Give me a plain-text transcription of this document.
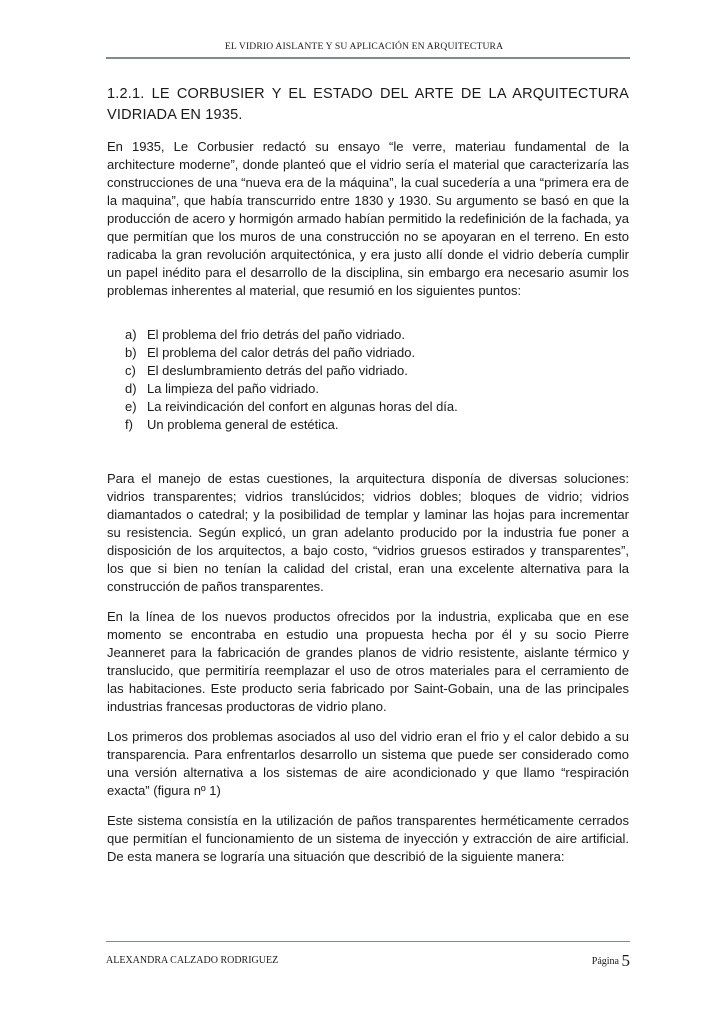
EL VIDRIO AISLANTE Y SU APLICACIÓN EN ARQUITECTURA
1.2.1. LE CORBUSIER Y EL ESTADO DEL ARTE DE LA ARQUITECTURA VIDRIADA EN 1935.

En 1935, Le Corbusier redactó su ensayo “le verre, materiau fundamental de la architecture moderne”, donde planteó que el vidrio sería el material que caracterizaría las construcciones de una “nueva era de la máquina”, la cual sucedería a una “primera era de la maquina”, que había transcurrido entre 1830 y 1930. Su argumento se basó en que la producción de acero y hormigón armado habían permitido la redefinición de la fachada, ya que permitían que los muros de una construcción no se apoyaran en el terreno. En esto radicaba la gran revolución arquitectónica, y era justo allí donde el vidrio debería cumplir un papel inédito para el desarrollo de la disciplina, sin embargo era necesario asumir los problemas inherentes al material, que resumió en los siguientes puntos:

a) El problema del frio detrás del paño vidriado.
b) El problema del calor detrás del paño vidriado.
c) El deslumbramiento detrás del paño vidriado.
d) La limpieza del paño vidriado.
e) La reivindicación del confort en algunas horas del día.
f)	Un problema general de estética.

Para el manejo de estas cuestiones, la arquitectura disponía de diversas soluciones: vidrios transparentes; vidrios translúcidos; vidrios dobles; bloques de vidrio; vidrios diamantados o catedral; y la posibilidad de templar y laminar las hojas para incrementar su resistencia. Según explicó, un gran adelanto producido por la industria fue poner a disposición de los arquitectos, a bajo costo, “vidrios gruesos estirados y transparentes”, los que si bien no tenían la calidad del cristal, eran una excelente alternativa para la construcción de paños transparentes.

En la línea de los nuevos productos ofrecidos por la industria, explicaba que en ese momento se encontraba en estudio una propuesta hecha por él y su socio Pierre Jeanneret para la fabricación de grandes planos de vidrio resistente, aislante térmico y translucido, que permitiría reemplazar el uso de otros materiales para el cerramiento de las habitaciones. Este producto seria fabricado por Saint-Gobain, una de las principales industrias francesas productoras de vidrio plano.

Los primeros dos problemas asociados al uso del vidrio eran el frio y el calor debido a su transparencia. Para enfrentarlos desarrollo un sistema que puede ser considerado como una versión alternativa a los sistemas de aire acondicionado y que llamo “respiración exacta” (figura nº 1)

Este sistema consistía en la utilización de paños transparentes herméticamente cerrados que permitían el funcionamiento de un sistema de inyección y extracción de aire artificial. De esta manera se lograría una situación que describió de la siguiente manera:

ALEXANDRA CALZADO RODRIGUEZ	Página 5
